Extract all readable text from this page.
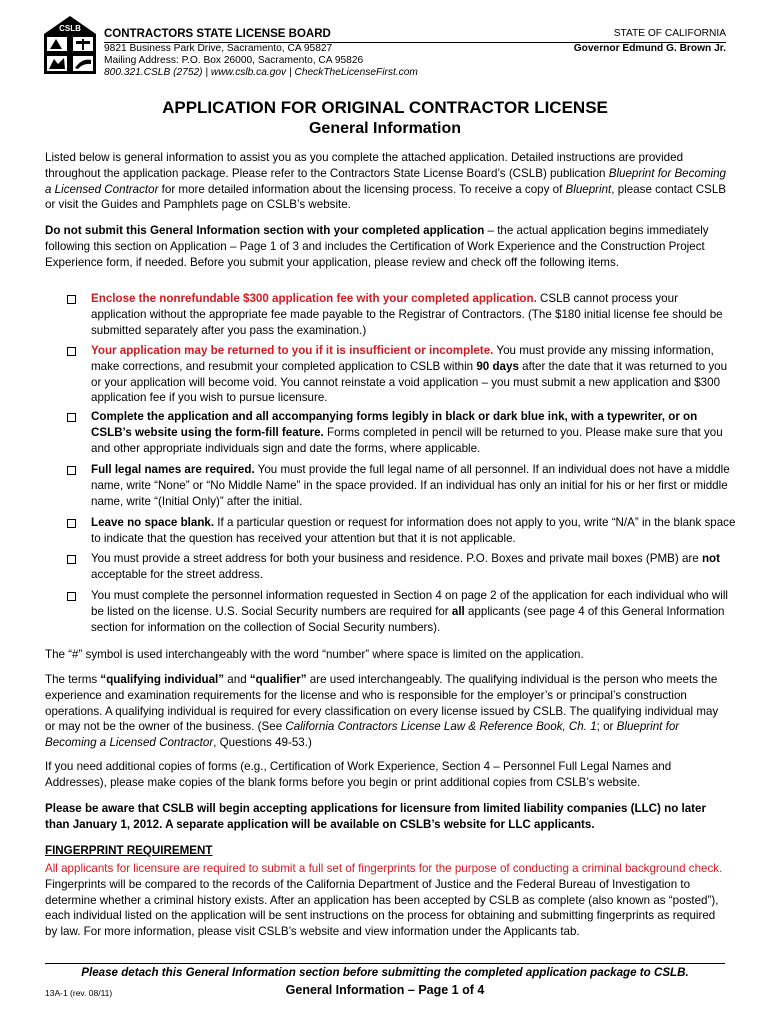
CSLB CONTRACTORS STATE LICENSE BOARD
9821 Business Park Drive, Sacramento, CA 95827
Mailing Address: P.O. Box 26000, Sacramento, CA 95826
800.321.CSLB (2752) | www.cslb.ca.gov | CheckTheLicenseFirst.com
STATE OF CALIFORNIA
Governor Edmund G. Brown Jr.
APPLICATION FOR ORIGINAL CONTRACTOR LICENSE
General Information
Listed below is general information to assist you as you complete the attached application. Detailed instructions are provided throughout the application package. Please refer to the Contractors State License Board’s (CSLB) publication Blueprint for Becoming a Licensed Contractor for more detailed information about the licensing process. To receive a copy of Blueprint, please contact CSLB or visit the Guides and Pamphlets page on CSLB’s website.
Do not submit this General Information section with your completed application – the actual application begins immediately following this section on Application – Page 1 of 3 and includes the Certification of Work Experience and the Construction Project Experience form, if needed. Before you submit your application, please review and check off the following items.
Enclose the nonrefundable $300 application fee with your completed application. CSLB cannot process your application without the appropriate fee made payable to the Registrar of Contractors. (The $180 initial license fee should be submitted separately after you pass the examination.)
Your application may be returned to you if it is insufficient or incomplete. You must provide any missing information, make corrections, and resubmit your completed application to CSLB within 90 days after the date that it was returned to you or your application will become void. You cannot reinstate a void application – you must submit a new application and $300 application fee if you wish to pursue licensure.
Complete the application and all accompanying forms legibly in black or dark blue ink, with a typewriter, or on CSLB’s website using the form-fill feature. Forms completed in pencil will be returned to you. Please make sure that you and other appropriate individuals sign and date the forms, where applicable.
Full legal names are required. You must provide the full legal name of all personnel. If an individual does not have a middle name, write “None” or “No Middle Name” in the space provided. If an individual has only an initial for his or her first or middle name, write “(Initial Only)” after the initial.
Leave no space blank. If a particular question or request for information does not apply to you, write “N/A” in the blank space to indicate that the question has received your attention but that it is not applicable.
You must provide a street address for both your business and residence. P.O. Boxes and private mail boxes (PMB) are not acceptable for the street address.
You must complete the personnel information requested in Section 4 on page 2 of the application for each individual who will be listed on the license. U.S. Social Security numbers are required for all applicants (see page 4 of this General Information section for information on the collection of Social Security numbers).
The “#” symbol is used interchangeably with the word “number” where space is limited on the application.
The terms “qualifying individual” and “qualifier” are used interchangeably. The qualifying individual is the person who meets the experience and examination requirements for the license and who is responsible for the employer’s or principal’s construction operations. A qualifying individual is required for every classification on every license issued by CSLB. The qualifying individual may or may not be the owner of the business. (See California Contractors License Law & Reference Book, Ch. 1; or Blueprint for Becoming a Licensed Contractor, Questions 49-53.)
If you need additional copies of forms (e.g., Certification of Work Experience, Section 4 – Personnel Full Legal Names and Addresses), please make copies of the blank forms before you begin or print additional copies from CSLB’s website.
Please be aware that CSLB will begin accepting applications for licensure from limited liability companies (LLC) no later than January 1, 2012. A separate application will be available on CSLB’s website for LLC applicants.
FINGERPRINT REQUIREMENT
All applicants for licensure are required to submit a full set of fingerprints for the purpose of conducting a criminal background check. Fingerprints will be compared to the records of the California Department of Justice and the Federal Bureau of Investigation to determine whether a criminal history exists. After an application has been accepted by CSLB as complete (also known as “posted”), each individual listed on the application will be sent instructions on the process for obtaining and submitting fingerprints as required by law. For more information, please visit CSLB’s website and view information under the Applicants tab.
Please detach this General Information section before submitting the completed application package to CSLB.
13A-1 (rev. 08/11)	General Information – Page 1 of 4
